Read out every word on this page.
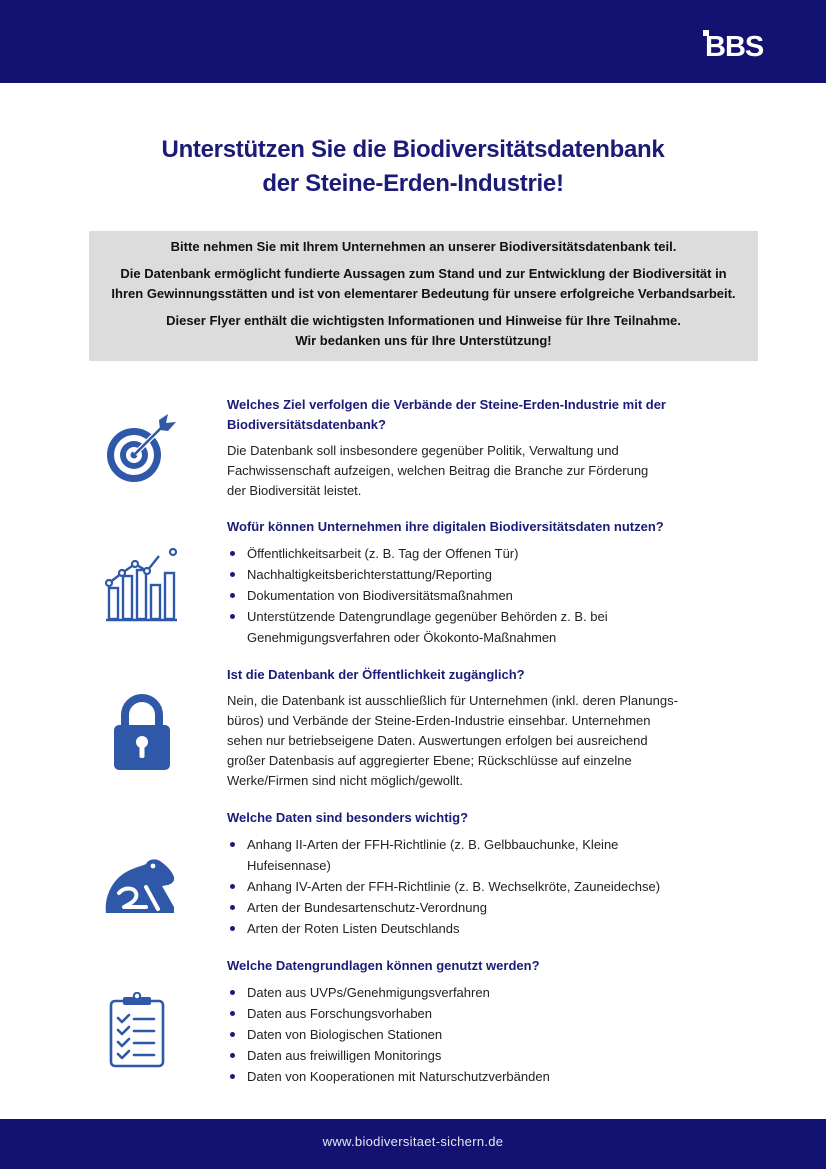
BBS
Unterstützen Sie die Biodiversitätsdatenbank
der Steine-Erden-Industrie!

Bitte nehmen Sie mit Ihrem Unternehmen an unserer Biodiversitätsdatenbank teil.

Die Datenbank ermöglicht fundierte Aussagen zum Stand und zur Entwicklung der Biodiversität in

Ihren Gewinnungsstätten und ist von elementarer Bedeutung für unsere erfolgreiche Verbandsarbeit.

Dieser Flyer enthält die wichtigsten Informationen und Hinweise für Ihre Teilnahme.

Wir bedanken uns für Ihre Unterstützung!

Welches Ziel verfolgen die Verbände der Steine-Erden-Industrie mit der
Biodiversitätsdatenbank?

Die Datenbank soll insbesondere gegenüber Politik, Verwaltung und
Fachwissenschaft aufzeigen, welchen Beitrag die Branche zur Förderung
der Biodiversität leistet.

Wofür können Unternehmen ihre digitalen Biodiversitätsdaten nutzen?
Öffentlichkeitsarbeit (z. B. Tag der Offenen Tür)
Nachhaltigkeitsberichterstattung/Reporting
Dokumentation von Biodiversitätsmaßnahmen
Unterstützende Datengrundlage gegenüber Behörden z. B. bei
Genehmigungsverfahren oder Ökokonto-Maßnahmen
Ist die Datenbank der Öffentlichkeit zugänglich?

Nein, die Datenbank ist ausschließlich für Unternehmen (inkl. deren Planungs-
büros) und Verbände der Steine-Erden-Industrie einsehbar. Unternehmen
sehen nur betriebseigene Daten. Auswertungen erfolgen bei ausreichend
großer Datenbasis auf aggregierter Ebene; Rückschlüsse auf einzelne
Werke/Firmen sind nicht möglich/gewollt.

Welche Daten sind besonders wichtig?
Anhang II-Arten der FFH-Richtlinie (z. B. Gelbbauchunke, Kleine
Hufeisennase)
Anhang IV-Arten der FFH-Richtlinie (z. B. Wechselkröte, Zauneidechse)
Arten der Bundesartenschutz-Verordnung
Arten der Roten Listen Deutschlands
Welche Datengrundlagen können genutzt werden?
Daten aus UVPs/Genehmigungsverfahren
Daten aus Forschungsvorhaben
Daten von Biologischen Stationen
Daten aus freiwilligen Monitorings
Daten von Kooperationen mit Naturschutzverbänden
www.biodiversitaet-sichern.de
